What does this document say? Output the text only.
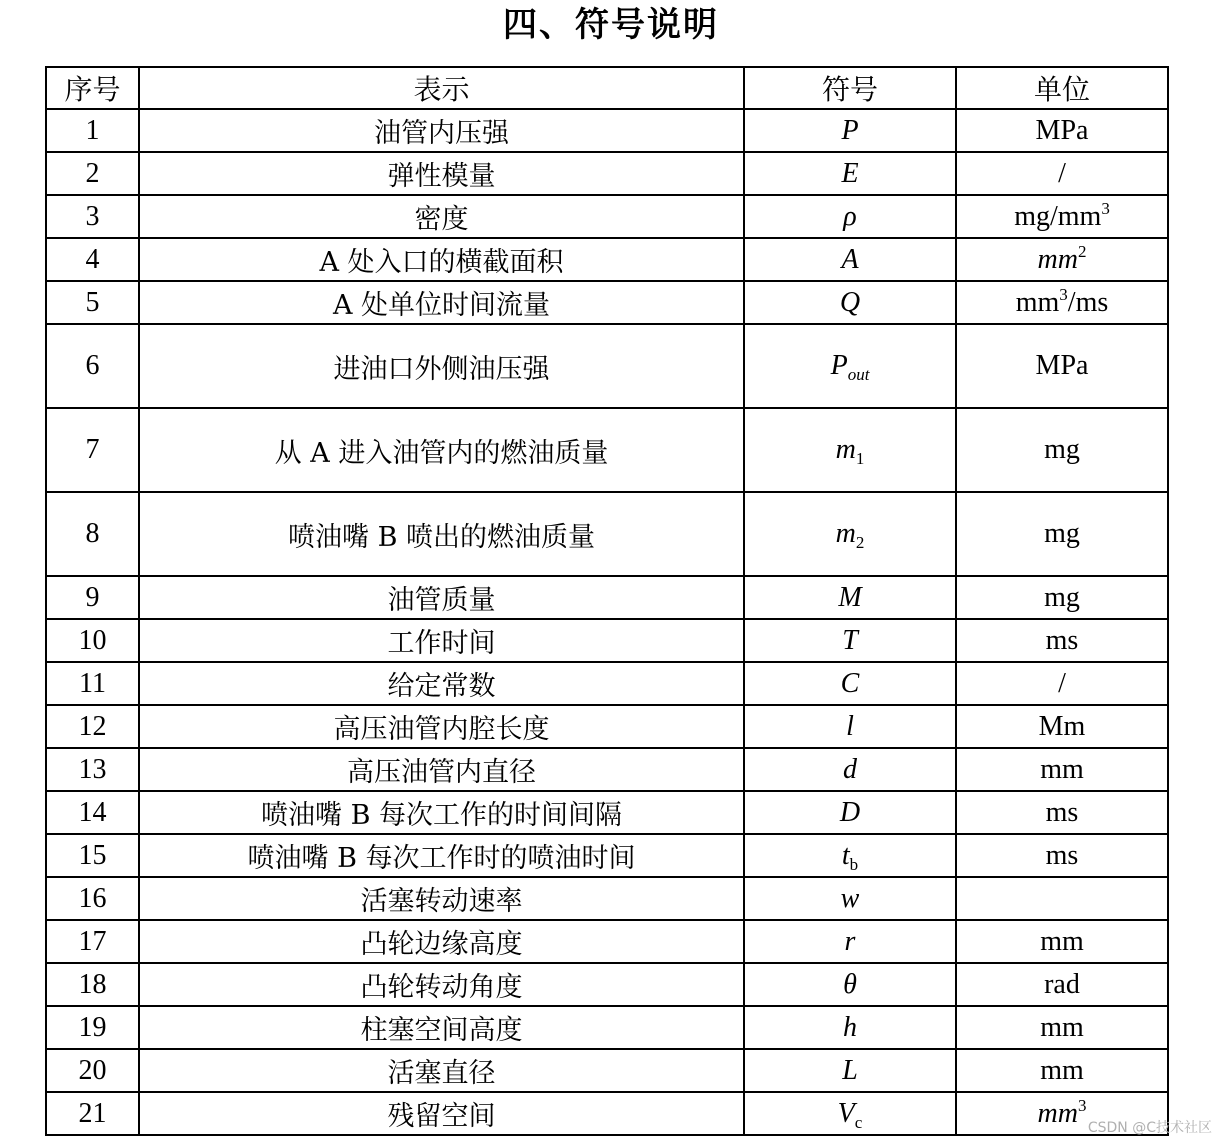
四、符号说明
序号	表示	符号	单位
1	油管内压强	P	MPa
2	弹性模量	E	/
3	密度	ρ	$mg/mm^3$
4	A 处入口的横截面积	A	$mm^2$
5	A 处单位时间流量	Q	$mm^3/ms$
6	进油口外侧油压强	$P_{out}$	MPa
7	从 A 进入油管内的燃油质量	$m_1$	mg
8	喷油嘴 B 喷出的燃油质量	$m_2$	mg
9	油管质量	M	mg
10	工作时间	T	ms
11	给定常数	C	/
12	高压油管内腔长度	l	Mm
13	高压油管内直径	d	mm
14	喷油嘴 B 每次工作的时间间隔	D	ms
15	喷油嘴 B 每次工作时的喷油时间	$t_b$	ms
16	活塞转动速率	w	
17	凸轮边缘高度	r	mm
18	凸轮转动角度	θ	rad
19	柱塞空间高度	h	mm
20	活塞直径	L	mm
21	残留空间	$V_c$	$mm^3$
CSDN @C技术社区
